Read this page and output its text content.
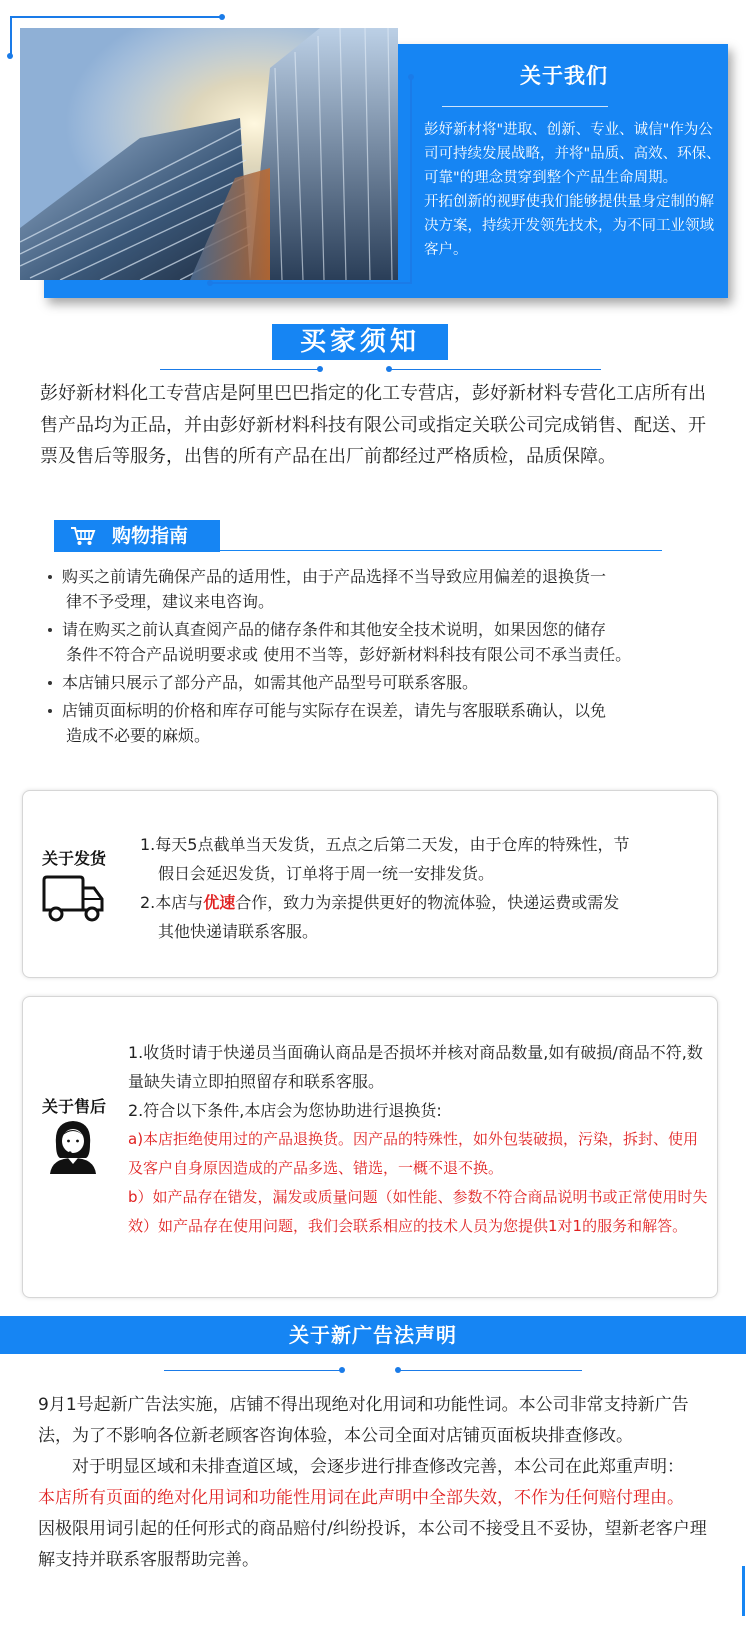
关于我们

彭妤新材将"进取、创新、专业、诚信"作为公司可持续发展战略，并将"品质、高效、环保、可靠"的理念贯穿到整个产品生命周期。

开拓创新的视野使我们能够提供量身定制的解决方案，持续开发领先技术，为不同工业领域客户。

买家须知
彭妤新材料化工专营店是阿里巴巴指定的化工专营店，彭妤新材料专营化工店所有出售产品均为正品，并由彭妤新材料科技有限公司或指定关联公司完成销售、配送、开票及售后等服务，出售的所有产品在出厂前都经过严格质检，品质保障。
购物指南
购买之前请先确保产品的适用性，由于产品选择不当导致应用偏差的退换货一
律不予受理，建议来电咨询。
请在购买之前认真查阅产品的储存条件和其他安全技术说明，如果因您的储存
条件不符合产品说明要求或 使用不当等，彭妤新材料科技有限公司不承当责任。
本店铺只展示了部分产品，如需其他产品型号可联系客服。
店铺页面标明的价格和库存可能与实际存在误差，请先与客服联系确认，以免
造成不必要的麻烦。
关于发货

1.每天5点截单当天发货，五点之后第二天发，由于仓库的特殊性，节

假日会延迟发货，订单将于周一统一安排发货。

2.本店与优速合作，致力为亲提供更好的物流体验，快递运费或需发

其他快递请联系客服。

关于售后

1.收货时请于快递员当面确认商品是否损坏并核对商品数量,如有破损/商品不符,数量缺失请立即拍照留存和联系客服。

2.符合以下条件,本店会为您协助进行退换货:

a)本店拒绝使用过的产品退换货。因产品的特殊性，如外包装破损，污染，拆封、使用及客户自身原因造成的产品多选、错选，一概不退不换。

b）如产品存在错发，漏发或质量问题（如性能、参数不符合商品说明书或正常使用时失效）如产品存在使用问题，我们会联系相应的技术人员为您提供1对1的服务和解答。

关于新广告法声明

9月1号起新广告法实施，店铺不得出现绝对化用词和功能性词。本公司非常支持新广告法，为了不影响各位新老顾客咨询体验，本公司全面对店铺页面板块排查修改。

　　对于明显区域和未排查道区域，会逐步进行排查修改完善，本公司在此郑重声明：

本店所有页面的绝对化用词和功能性用词在此声明中全部失效，不作为任何赔付理由。

因极限用词引起的任何形式的商品赔付/纠纷投诉，本公司不接受且不妥协，望新老客户理解支持并联系客服帮助完善。
